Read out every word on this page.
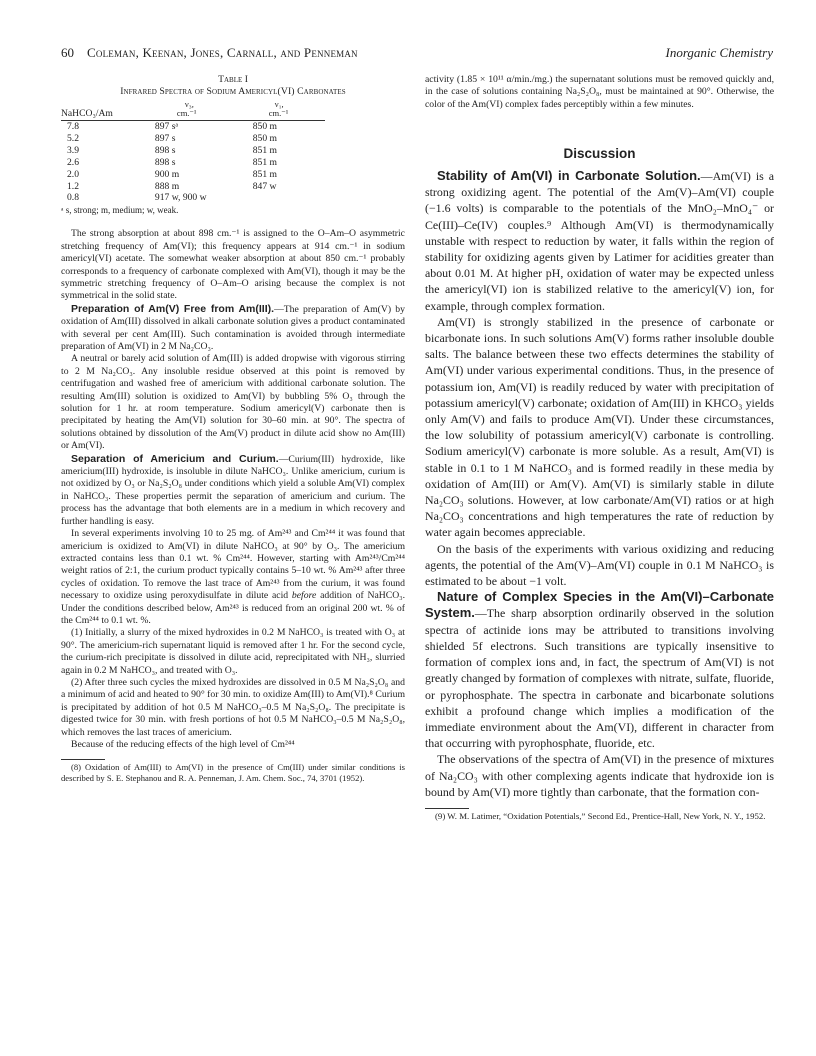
60 Coleman, Keenan, Jones, Carnall, and Penneman	Inorganic Chemistry
Table I
Infrared Spectra of Sodium Americyl(VI) Carbonates
	ν₃,	ν₁,
NaHCO₃/Am	cm.⁻¹	cm.⁻¹

7.8	897 sᵃ	850 m
5.2	897 s	850 m
3.9	898 s	851 m
2.6	898 s	851 m
2.0	900 m	851 m
1.2	888 m	847 w
0.8	917 w, 900 w	
ᵃ s, strong; m, medium; w, weak.

The strong absorption at about 898 cm.⁻¹ is assigned to the O–Am–O asymmetric stretching frequency of Am(VI); this frequency appears at 914 cm.⁻¹ in sodium americyl(VI) acetate. The somewhat weaker absorption at about 850 cm.⁻¹ probably corresponds to a frequency of carbonate complexed with Am(VI), though it may be the symmetric stretching frequency of O–Am–O arising because the complex is not symmetrical in the solid state.

Preparation of Am(V) Free from Am(III).—The preparation of Am(V) by oxidation of Am(III) dissolved in alkali carbonate solution gives a product contaminated with several per cent Am(III). Such contamination is avoided through intermediate preparation of Am(VI) in 2 M Na₂CO₃.

A neutral or barely acid solution of Am(III) is added dropwise with vigorous stirring to 2 M Na₂CO₃. Any insoluble residue observed at this point is removed by centrifugation and washed free of americium with additional carbonate solution. The resulting Am(III) solution is oxidized to Am(VI) by bubbling 5% O₃ through the solution for 1 hr. at room temperature. Sodium americyl(V) carbonate then is precipitated by heating the Am(VI) solution for 30–60 min. at 90°. The spectra of solutions obtained by dissolution of the Am(V) product in dilute acid show no Am(III) or Am(VI).

Separation of Americium and Curium.—Curium(III) hydroxide, like americium(III) hydroxide, is insoluble in dilute NaHCO₃. Unlike americium, curium is not oxidized by O₃ or Na₂S₂O₈ under conditions which yield a soluble Am(VI) complex in NaHCO₃. These properties permit the separation of americium and curium. The process has the advantage that both elements are in a medium in which recovery and further handling is easy.

In several experiments involving 10 to 25 mg. of Am²⁴³ and Cm²⁴⁴ it was found that americium is oxidized to Am(VI) in dilute NaHCO₃ at 90° by O₃. The americium extracted contains less than 0.1 wt. % Cm²⁴⁴. However, starting with Am²⁴³/Cm²⁴⁴ weight ratios of 2:1, the curium product typically contains 5–10 wt. % Am²⁴³ after three cycles of oxidation. To remove the last trace of Am²⁴³ from the curium, it was found necessary to oxidize using peroxydisulfate in dilute acid before addition of NaHCO₃. Under the conditions described below, Am²⁴³ is reduced from an original 200 wt. % of the Cm²⁴⁴ to 0.1 wt. %.

(1) Initially, a slurry of the mixed hydroxides in 0.2 M NaHCO₃ is treated with O₃ at 90°. The americium-rich supernatant liquid is removed after 1 hr. For the second cycle, the curium-rich precipitate is dissolved in dilute acid, reprecipitated with NH₃, slurried again in 0.2 M NaHCO₃, and treated with O₃.

(2) After three such cycles the mixed hydroxides are dissolved in 0.5 M Na₂S₂O₈ and a minimum of acid and heated to 90° for 30 min. to oxidize Am(III) to Am(VI).⁸ Curium is precipitated by addition of hot 0.5 M NaHCO₃–0.5 M Na₂S₂O₈. The precipitate is digested twice for 30 min. with fresh portions of hot 0.5 M NaHCO₃–0.5 M Na₂S₂O₈, which removes the last traces of americium.

Because of the reducing effects of the high level of Cm²⁴⁴

(8) Oxidation of Am(III) to Am(VI) in the presence of Cm(III) under similar conditions is described by S. E. Stephanou and R. A. Penneman, J. Am. Chem. Soc., 74, 3701 (1952).

activity (1.85 × 10¹¹ α/min./mg.) the supernatant solutions must be removed quickly and, in the case of solutions containing Na₂S₂O₈, must be maintained at 90°. Otherwise, the color of the Am(VI) complex fades perceptibly within a few minutes.

Discussion

Stability of Am(VI) in Carbonate Solution.—Am(VI) is a strong oxidizing agent. The potential of the Am(V)–Am(VI) couple (−1.6 volts) is comparable to the potentials of the MnO₂–MnO₄⁻ or Ce(III)–Ce(IV) couples.⁹ Although Am(VI) is thermodynamically unstable with respect to reduction by water, it falls within the region of stability for oxidizing agents given by Latimer for acidities greater than about 0.01 M. At higher pH, oxidation of water may be expected unless the americyl(VI) ion is stabilized relative to the americyl(V) ion, for example, through complex formation.

Am(VI) is strongly stabilized in the presence of carbonate or bicarbonate ions. In such solutions Am(V) forms rather insoluble double salts. The balance between these two effects determines the stability of Am(VI) under various experimental conditions. Thus, in the presence of potassium ion, Am(VI) is readily reduced by water with precipitation of potassium americyl(V) carbonate; oxidation of Am(III) in KHCO₃ yields only Am(V) and fails to produce Am(VI). Under these circumstances, the low solubility of potassium americyl(V) carbonate is controlling. Sodium americyl(V) carbonate is more soluble. As a result, Am(VI) is stable in 0.1 to 1 M NaHCO₃ and is formed readily in these media by oxidation of Am(III) or Am(V). Am(VI) is similarly stable in dilute Na₂CO₃ solutions. However, at low carbonate/Am(VI) ratios or at high Na₂CO₃ concentrations and high temperatures the rate of reduction by water again becomes appreciable.

On the basis of the experiments with various oxidizing and reducing agents, the potential of the Am(V)–Am(VI) couple in 0.1 M NaHCO₃ is estimated to be about −1 volt.

Nature of Complex Species in the Am(VI)–Carbonate System.—The sharp absorption ordinarily observed in the solution spectra of actinide ions may be attributed to transitions involving shielded 5f electrons. Such transitions are typically insensitive to formation of complex ions and, in fact, the spectrum of Am(VI) is not greatly changed by formation of complexes with nitrate, sulfate, fluoride, or pyrophosphate. The spectra in carbonate and bicarbonate solutions exhibit a profound change which implies a modification of the immediate environment about the Am(VI), different in character from that occurring with pyrophosphate, fluoride, etc.

The observations of the spectra of Am(VI) in the presence of mixtures of Na₂CO₃ with other complexing agents indicate that hydroxide ion is bound by Am(VI) more tightly than carbonate, that the formation con-

(9) W. M. Latimer, “Oxidation Potentials,” Second Ed., Prentice-Hall, New York, N. Y., 1952.
